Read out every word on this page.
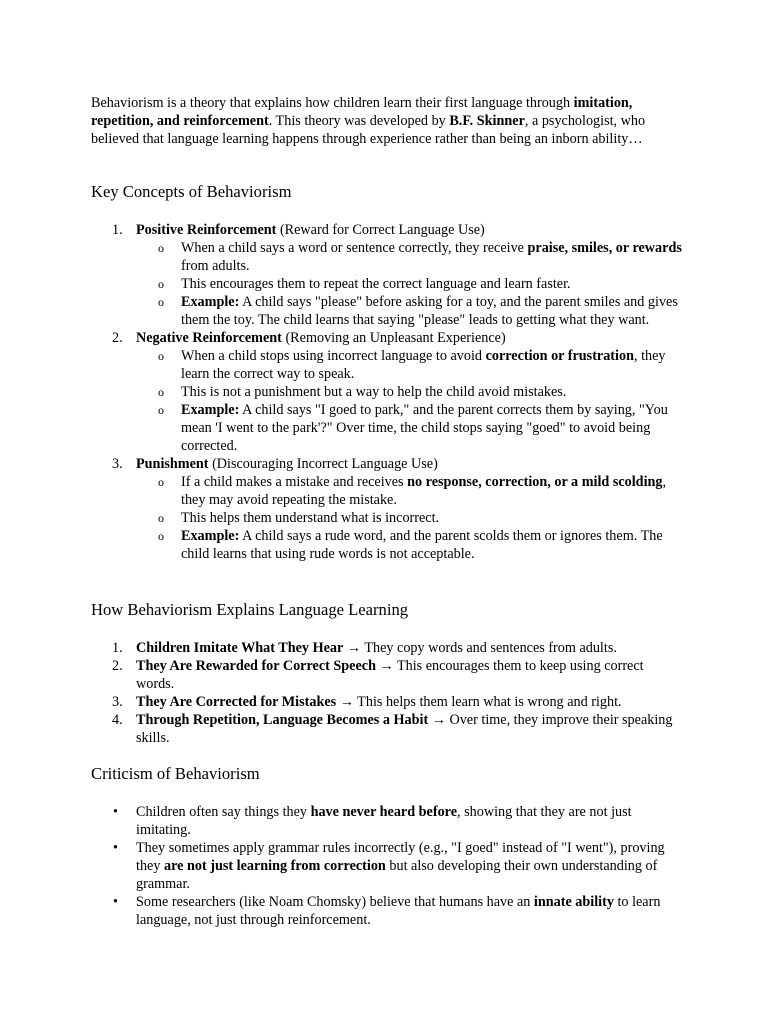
Behaviorism is a theory that explains how children learn their first language through imitation, repetition, and reinforcement. This theory was developed by B.F. Skinner, a psychologist, who believed that language learning happens through experience rather than being an inborn ability…

Key Concepts of Behaviorism
1. Positive Reinforcement (Reward for Correct Language Use)
o When a child says a word or sentence correctly, they receive praise, smiles, or rewards from adults.
o This encourages them to repeat the correct language and learn faster.
o Example: A child says "please" before asking for a toy, and the parent smiles and gives them the toy. The child learns that saying "please" leads to getting what they want.
2. Negative Reinforcement (Removing an Unpleasant Experience)
o When a child stops using incorrect language to avoid correction or frustration, they learn the correct way to speak.
o This is not a punishment but a way to help the child avoid mistakes.
o Example: A child says "I goed to park," and the parent corrects them by saying, "You mean 'I went to the park'?" Over time, the child stops saying "goed" to avoid being corrected.
3. Punishment (Discouraging Incorrect Language Use)
o If a child makes a mistake and receives no response, correction, or a mild scolding, they may avoid repeating the mistake.
o This helps them understand what is incorrect.
o Example: A child says a rude word, and the parent scolds them or ignores them. The child learns that using rude words is not acceptable.
How Behaviorism Explains Language Learning
1. Children Imitate What They Hear → They copy words and sentences from adults.
2. They Are Rewarded for Correct Speech → This encourages them to keep using correct words.
3. They Are Corrected for Mistakes → This helps them learn what is wrong and right.
4. Through Repetition, Language Becomes a Habit → Over time, they improve their speaking skills.
Criticism of Behaviorism
• Children often say things they have never heard before, showing that they are not just imitating.
• They sometimes apply grammar rules incorrectly (e.g., "I goed" instead of "I went"), proving they are not just learning from correction but also developing their own understanding of grammar.
• Some researchers (like Noam Chomsky) believe that humans have an innate ability to learn language, not just through reinforcement.
